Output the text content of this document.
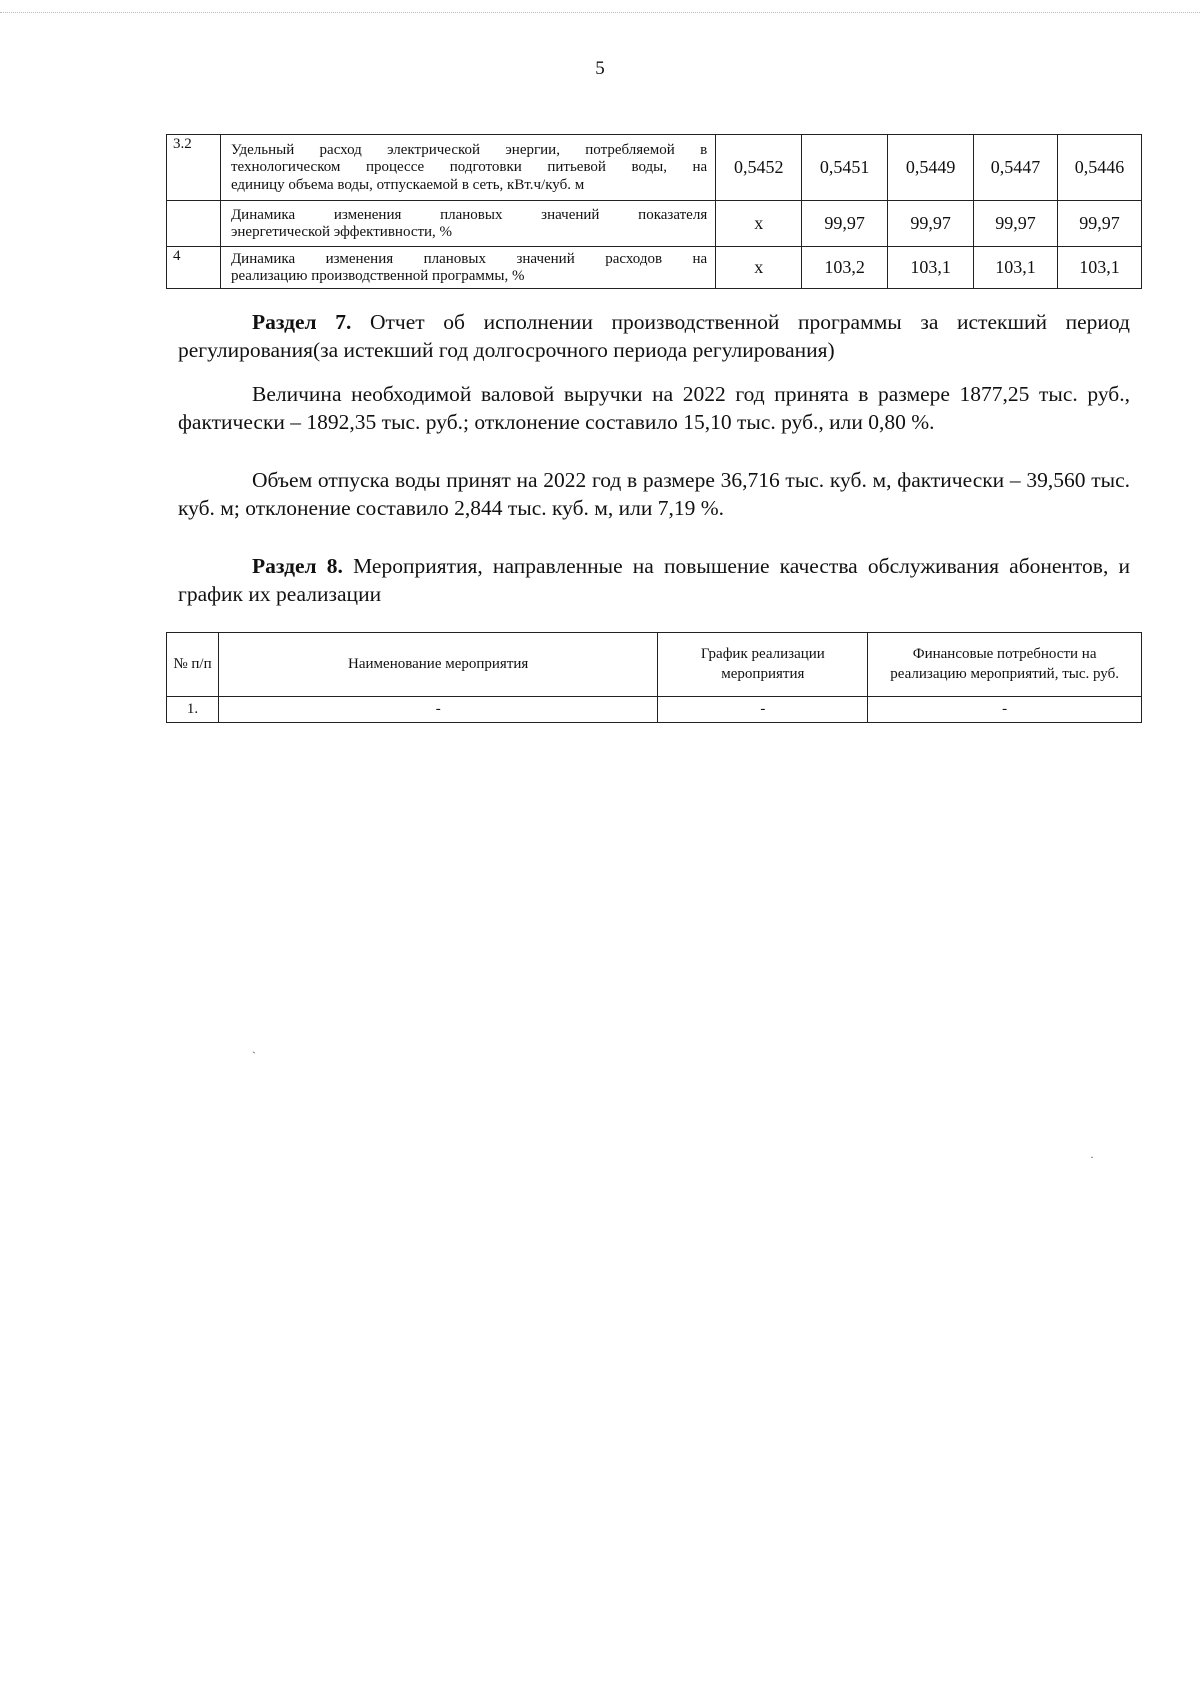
5
3.2	Удельный расход электрической энергии, потребляемой в
технологическом процессе подготовки питьевой воды, на
единицу объема воды, отпускаемой в сеть, кВт.ч/куб. м	0,5452	0,5451	0,5449	0,5447	0,5446

	Динамика изменения плановых значений показателя
энергетической эффективности, %	x	99,97	99,97	99,97	99,97
4	Динамика изменения плановых значений расходов на
реализацию производственной программы, %	x	103,2	103,1	103,1	103,1
Раздел 7. Отчет об исполнении производственной программы за истекший период регулирования(за истекший год долгосрочного периода регулирования)
Величина необходимой валовой выручки на 2022 год принята в размере 1877,25 тыс. руб., фактически – 1892,35 тыс. руб.; отклонение составило 15,10 тыс. руб., или 0,80 %.
Объем отпуска воды принят на 2022 год в размере 36,716 тыс. куб. м, фактически – 39,560 тыс. куб. м; отклонение составило 2,844 тыс. куб. м, или 7,19 %.
Раздел 8. Мероприятия, направленные на повышение качества обслуживания абонентов, и график их реализации
№ п/п	Наименование мероприятия	График реализации мероприятия	Финансовые потребности на реализацию мероприятий, тыс. руб.
1.	-	-	-
ˏ
·
